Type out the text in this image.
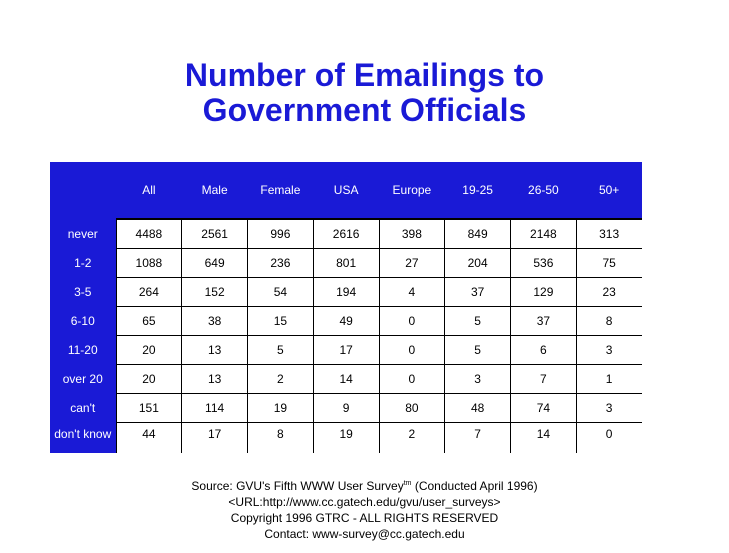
Number of Emailings to
Government Officials
	All	Male	Female	USA	Europe	19-25	26-50	50+
never	4488	2561	996	2616	398	849	2148	313
1-2	1088	649	236	801	27	204	536	75
3-5	264	152	54	194	4	37	129	23
6-10	65	38	15	49	0	5	37	8
11-20	20	13	5	17	0	5	6	3
over 20	20	13	2	14	0	3	7	1
can't	151	114	19	9	80	48	74	3
don't know	44	17	8	19	2	7	14	0
Source: GVU's Fifth WWW User Survey$^{tm}$ (Conducted April 1996)
<URL:http://www.cc.gatech.edu/gvu/user_surveys>
Copyright 1996 GTRC - ALL RIGHTS RESERVED
Contact: www-survey@cc.gatech.edu
